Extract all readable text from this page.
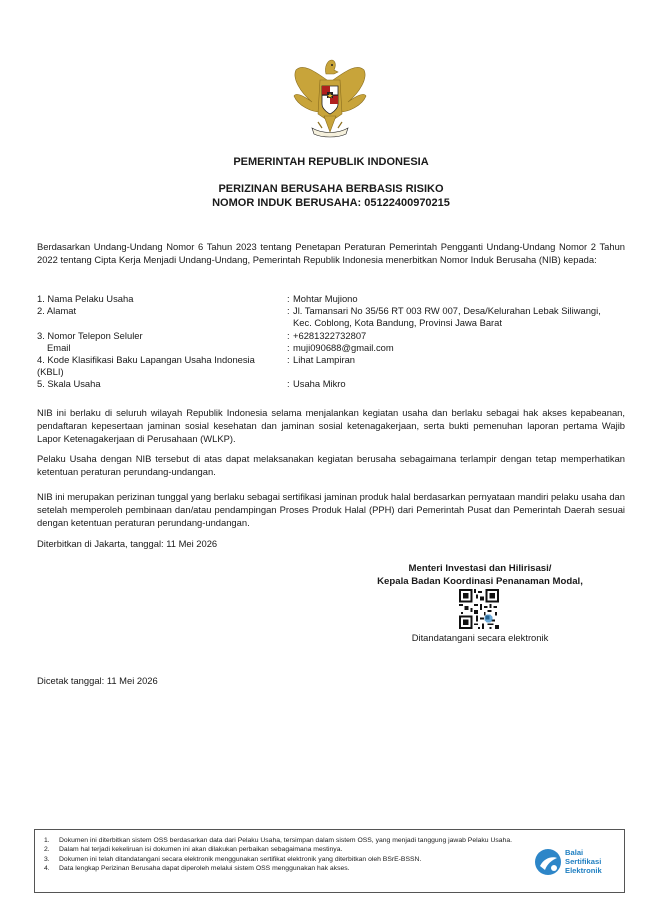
PEMERINTAH REPUBLIK INDONESIA
PERIZINAN BERUSAHA BERBASIS RISIKO
NOMOR INDUK BERUSAHA: 05122400970215
Berdasarkan Undang-Undang Nomor 6 Tahun 2023 tentang Penetapan Peraturan Pemerintah Pengganti Undang-Undang Nomor 2 Tahun 2022 tentang Cipta Kerja Menjadi Undang-Undang, Pemerintah Republik Indonesia menerbitkan Nomor Induk Berusaha (NIB) kepada:
1. Nama Pelaku Usaha	: Mohtar Mujiono
2. Alamat	: Jl. Tamansari No 35/56 RT 003 RW 007, Desa/Kelurahan Lebak Siliwangi, Kec. Coblong, Kota Bandung, Provinsi Jawa Barat
3. Nomor Telepon Seluler	: +6281322732807
Email	: muji090688@gmail.com
4. Kode Klasifikasi Baku Lapangan Usaha Indonesia (KBLI)
: Lihat Lampiran
5. Skala Usaha	: Usaha Mikro
NIB ini berlaku di seluruh wilayah Republik Indonesia selama menjalankan kegiatan usaha dan berlaku sebagai hak akses kepabeanan, pendaftaran kepesertaan jaminan sosial kesehatan dan jaminan sosial ketenagakerjaan, serta bukti pemenuhan laporan pertama Wajib Lapor Ketenagakerjaan di Perusahaan (WLKP).
Pelaku Usaha dengan NIB tersebut di atas dapat melaksanakan kegiatan berusaha sebagaimana terlampir dengan tetap memperhatikan ketentuan peraturan perundang-undangan.
NIB ini merupakan perizinan tunggal yang berlaku sebagai sertifikasi jaminan produk halal berdasarkan pernyataan mandiri pelaku usaha dan setelah memperoleh pembinaan dan/atau pendampingan Proses Produk Halal (PPH) dari Pemerintah Pusat dan Pemerintah Daerah sesuai dengan ketentuan peraturan perundang-undangan.
Diterbitkan di Jakarta, tanggal: 11 Mei 2026
Menteri Investasi dan Hilirisasi/
Kepala Badan Koordinasi Penanaman Modal,
Ditandatangani secara elektronik
Dicetak tanggal: 11 Mei 2026
1. Dokumen ini diterbitkan sistem OSS berdasarkan data dari Pelaku Usaha, tersimpan dalam sistem OSS, yang menjadi tanggung jawab Pelaku Usaha.
2. Dalam hal terjadi kekeliruan isi dokumen ini akan dilakukan perbaikan sebagaimana mestinya.
3. Dokumen ini telah ditandatangani secara elektronik menggunakan sertifikat elektronik yang diterbitkan oleh BSrE-BSSN.
4. Data lengkap Perizinan Berusaha dapat diperoleh melalui sistem OSS menggunakan hak akses.
Balai
Sertifikasi
Elektronik
